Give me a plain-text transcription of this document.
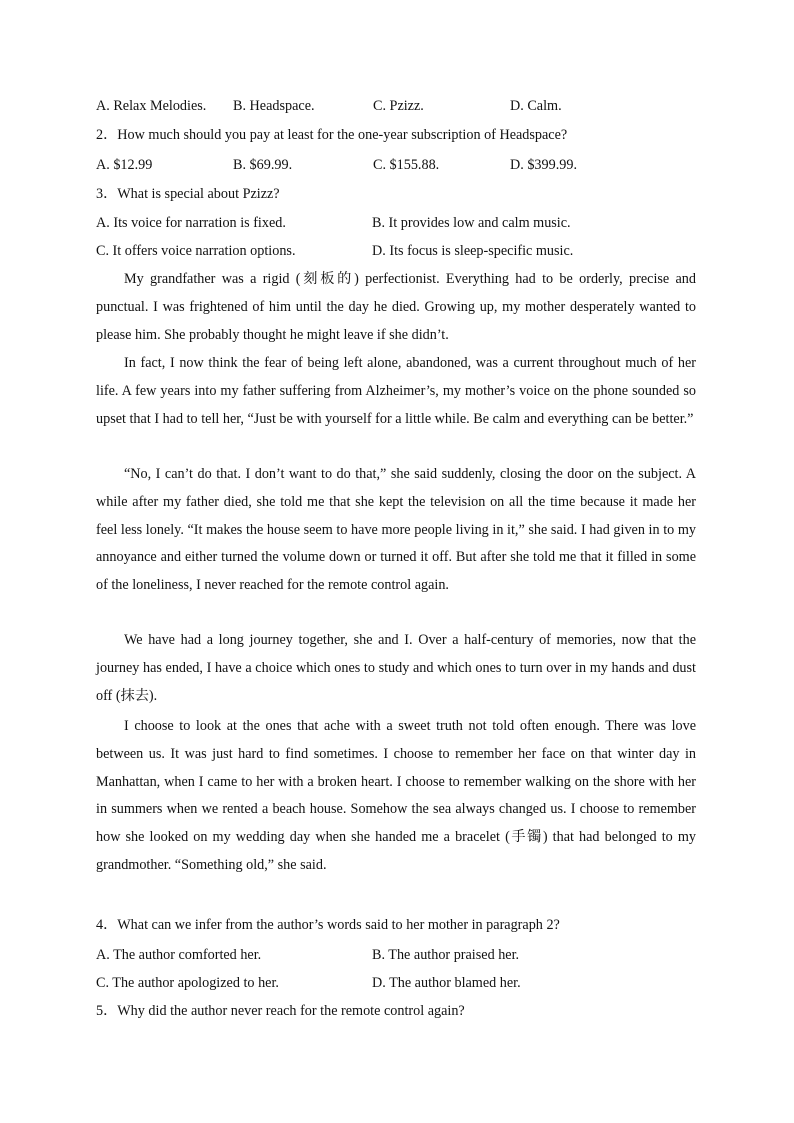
A. Relax Melodies. B. Headspace.	C. Pzizz.	D. Calm.
2．How much should you pay at least for the one-year subscription of Headspace?
A. $12.99	B. $69.99.	C. $155.88.	D. $399.99.
3．What is special about Pzizz?
A. Its voice for narration is fixed.	B. It provides low and calm music.
C. It offers voice narration options.	D. Its focus is sleep-specific music.
My grandfather was a rigid (刻板的) perfectionist. Everything had to be orderly, precise and punctual. I was frightened of him until the day he died. Growing up, my mother desperately wanted to please him. She probably thought he might leave if she didn’t.
In fact, I now think the fear of being left alone, abandoned, was a current throughout much of her life. A few years into my father suffering from Alzheimer’s, my mother’s voice on the phone sounded so upset that I had to tell her, “Just be with yourself for a little while. Be calm and everything can be better.”
“No, I can’t do that. I don’t want to do that,” she said suddenly, closing the door on the subject. A while after my father died, she told me that she kept the television on all the time because it made her feel less lonely. “It makes the house seem to have more people living in it,” she said. I had given in to my annoyance and either turned the volume down or turned it off. But after she told me that it filled in some of the loneliness, I never reached for the remote control again.
We have had a long journey together, she and I. Over a half-century of memories, now that the journey has ended, I have a choice which ones to study and which ones to turn over in my hands and dust off (抹去).
I choose to look at the ones that ache with a sweet truth not told often enough. There was love between us. It was just hard to find sometimes. I choose to remember her face on that winter day in Manhattan, when I came to her with a broken heart. I choose to remember walking on the shore with her in summers when we rented a beach house. Somehow the sea always changed us. I choose to remember how she looked on my wedding day when she handed me a bracelet (手镯) that had belonged to my grandmother. “Something old,” she said.
4．What can we infer from the author’s words said to her mother in paragraph 2?
A. The author comforted her.	B. The author praised her.
C. The author apologized to her.	D. The author blamed her.
5．Why did the author never reach for the remote control again?
